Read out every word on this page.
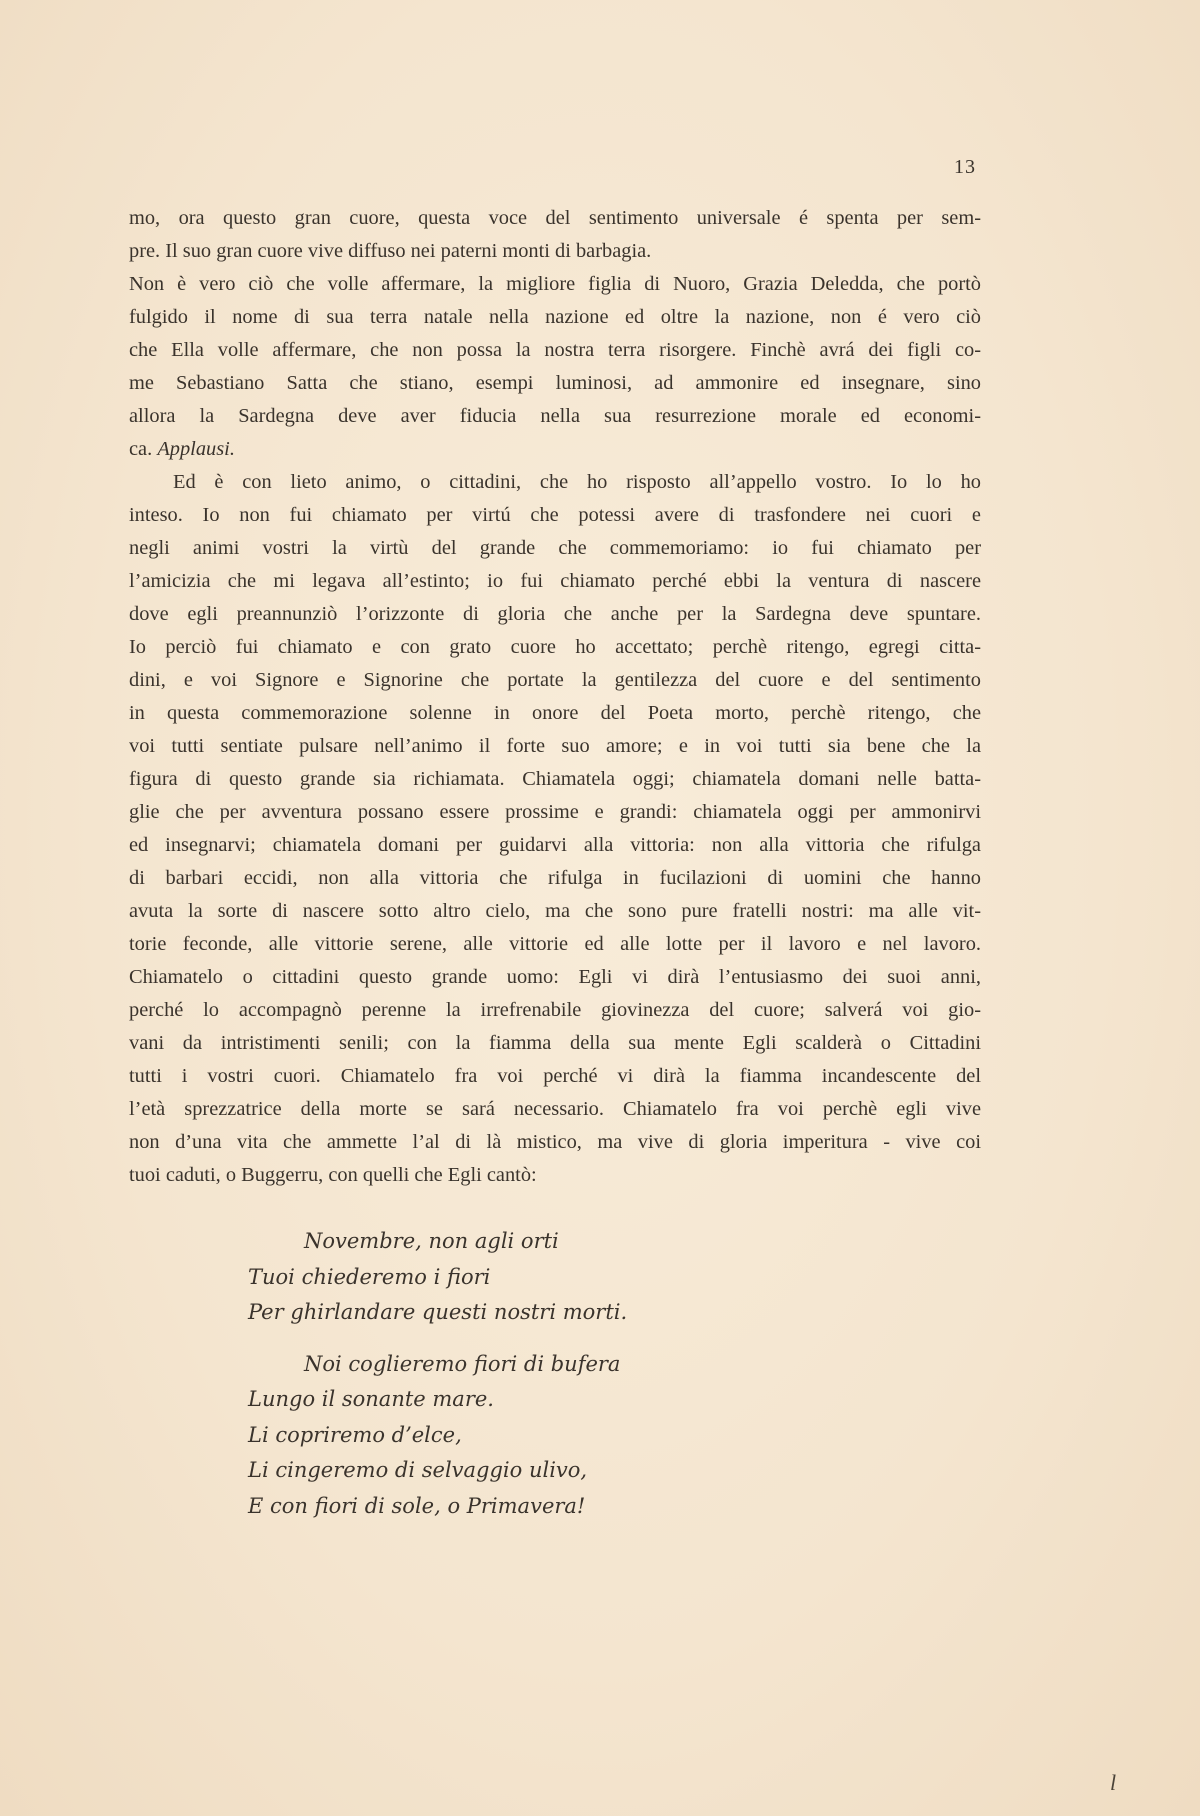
13

mo, ora questo gran cuore, questa voce del sentimento universale é spenta per sem-

pre. Il suo gran cuore vive diffuso nei paterni monti di barbagia.

Non è vero ciò che volle affermare, la migliore figlia di Nuoro, Grazia Deledda, che portò

fulgido il nome di sua terra natale nella nazione ed oltre la nazione, non é vero ciò

che Ella volle affermare, che non possa la nostra terra risorgere. Finchè avrá dei figli co-

me Sebastiano Satta che stiano, esempi luminosi, ad ammonire ed insegnare, sino

allora la Sardegna deve aver fiducia nella sua resurrezione morale ed economi-

ca. Applausi.

Ed è con lieto animo, o cittadini, che ho risposto all’appello vostro. Io lo ho

inteso. Io non fui chiamato per virtú che potessi avere di trasfondere nei cuori e

negli animi vostri la virtù del grande che commemoriamo: io fui chiamato per

l’amicizia che mi legava all’estinto; io fui chiamato perché ebbi la ventura di nascere

dove egli preannunziò l’orizzonte di gloria che anche per la Sardegna deve spuntare.

Io perciò fui chiamato e con grato cuore ho accettato; perchè ritengo, egregi citta-

dini, e voi Signore e Signorine che portate la gentilezza del cuore e del sentimento

in questa commemorazione solenne in onore del Poeta morto, perchè ritengo, che

voi tutti sentiate pulsare nell’animo il forte suo amore; e in voi tutti sia bene che la

figura di questo grande sia richiamata. Chiamatela oggi; chiamatela domani nelle batta-

glie che per avventura possano essere prossime e grandi: chiamatela oggi per ammonirvi

ed insegnarvi; chiamatela domani per guidarvi alla vittoria: non alla vittoria che rifulga

di barbari eccidi, non alla vittoria che rifulga in fucilazioni di uomini che hanno

avuta la sorte di nascere sotto altro cielo, ma che sono pure fratelli nostri: ma alle vit-

torie feconde, alle vittorie serene, alle vittorie ed alle lotte per il lavoro e nel lavoro.

Chiamatelo o cittadini questo grande uomo: Egli vi dirà l’entusiasmo dei suoi anni,

perché lo accompagnò perenne la irrefrenabile giovinezza del cuore; salverá voi gio-

vani da intristimenti senili; con la fiamma della sua mente Egli scalderà o Cittadini

tutti i vostri cuori. Chiamatelo fra voi perché vi dirà la fiamma incandescente del

l’età sprezzatrice della morte se sará necessario. Chiamatelo fra voi perchè egli vive

non d’una vita che ammette l’al di là mistico, ma vive di gloria imperitura - vive coi

tuoi caduti, o Buggerru, con quelli che Egli cantò:

Novembre, non agli orti
Tuoi chiederemo i fiori
Per ghirlandare questi nostri morti.
Noi coglieremo fiori di bufera
Lungo il sonante mare.
Li copriremo d’elce,
Li cingeremo di selvaggio ulivo,
E con fiori di sole, o Primavera!
l
